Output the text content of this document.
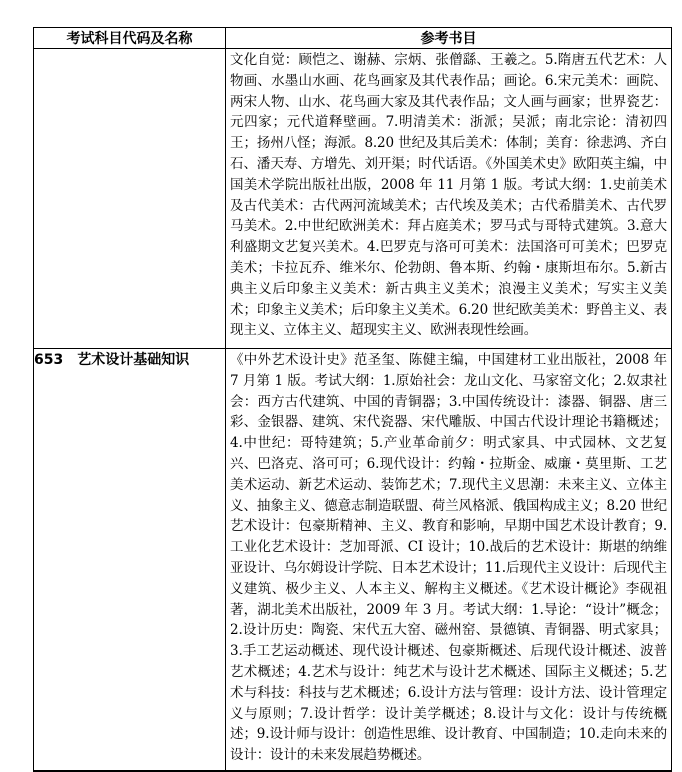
考试科目代码及名称	参考书目

	文化自觉：顾恺之、谢赫、宗炳、张僧繇、王羲之。5.隋唐五代艺术：人物画、水墨山水画、花鸟画家及其代表作品；画论。6.宋元美术：画院、两宋人物、山水、花鸟画大家及其代表作品；文人画与画家；世界瓷艺：元四家；元代道释壁画。7.明清美术：浙派；吴派；南北宗论：清初四王；扬州八怪；海派。8.20 世纪及其后美术：体制；美育：徐悲鸿、齐白石、潘天寿、方增先、刘开渠；时代话语。《外国美术史》欧阳英主编，中国美术学院出版社出版，2008 年 11 月第 1 版。考试大纲：1.史前美术及古代美术：古代两河流域美术；古代埃及美术；古代希腊美术、古代罗马美术。2.中世纪欧洲美术：拜占庭美术；罗马式与哥特式建筑。3.意大利盛期文艺复兴美术。4.巴罗克与洛可可美术：法国洛可可美术；巴罗克美术；卡拉瓦乔、维米尔、伦勃朗、鲁本斯、约翰・康斯坦布尔。5.新古典主义后印象主义美术：新古典主义美术；浪漫主义美术；写实主义美术；印象主义美术；后印象主义美术。6.20 世纪欧美美术：野兽主义、表现主义、立体主义、超现实主义、欧洲表现性绘画。

653　艺术设计基础知识	《中外艺术设计史》范圣玺、陈健主编，中国建材工业出版社，2008 年 7 月第 1 版。考试大纲：1.原始社会：龙山文化、马家窑文化；2.奴隶社会：西方古代建筑、中国的青铜器；3.中国传统设计：漆器、铜器、唐三彩、金银器、建筑、宋代瓷器、宋代雕版、中国古代设计理论书籍概述；4.中世纪：哥特建筑；5.产业革命前夕：明式家具、中式园林、文艺复兴、巴洛克、洛可可；6.现代设计：约翰・拉斯金、威廉・莫里斯、工艺美术运动、新艺术运动、装饰艺术；7.现代主义思潮：未来主义、立体主义、抽象主义、德意志制造联盟、荷兰风格派、俄国构成主义；8.20 世纪艺术设计：包豪斯精神、主义、教育和影响，早期中国艺术设计教育；9.工业化艺术设计：芝加哥派、CI 设计；10.战后的艺术设计：斯堪的纳维亚设计、乌尔姆设计学院、日本艺术设计；11.后现代主义设计：后现代主义建筑、极少主义、人本主义、解构主义概述。《艺术设计概论》李砚祖著，湖北美术出版社，2009 年 3 月。考试大纲：1.导论：“设计”概念；2.设计历史：陶瓷、宋代五大窑、磁州窑、景德镇、青铜器、明式家具；3.手工艺运动概述、现代设计概述、包豪斯概述、后现代设计概述、波普艺术概述；4.艺术与设计：纯艺术与设计艺术概述、国际主义概述；5.艺术与科技：科技与艺术概述；6.设计方法与管理：设计方法、设计管理定义与原则；7.设计哲学：设计美学概述；8.设计与文化：设计与传统概述；9.设计师与设计：创造性思维、设计教育、中国制造；10.走向未来的设计：设计的未来发展趋势概述。
